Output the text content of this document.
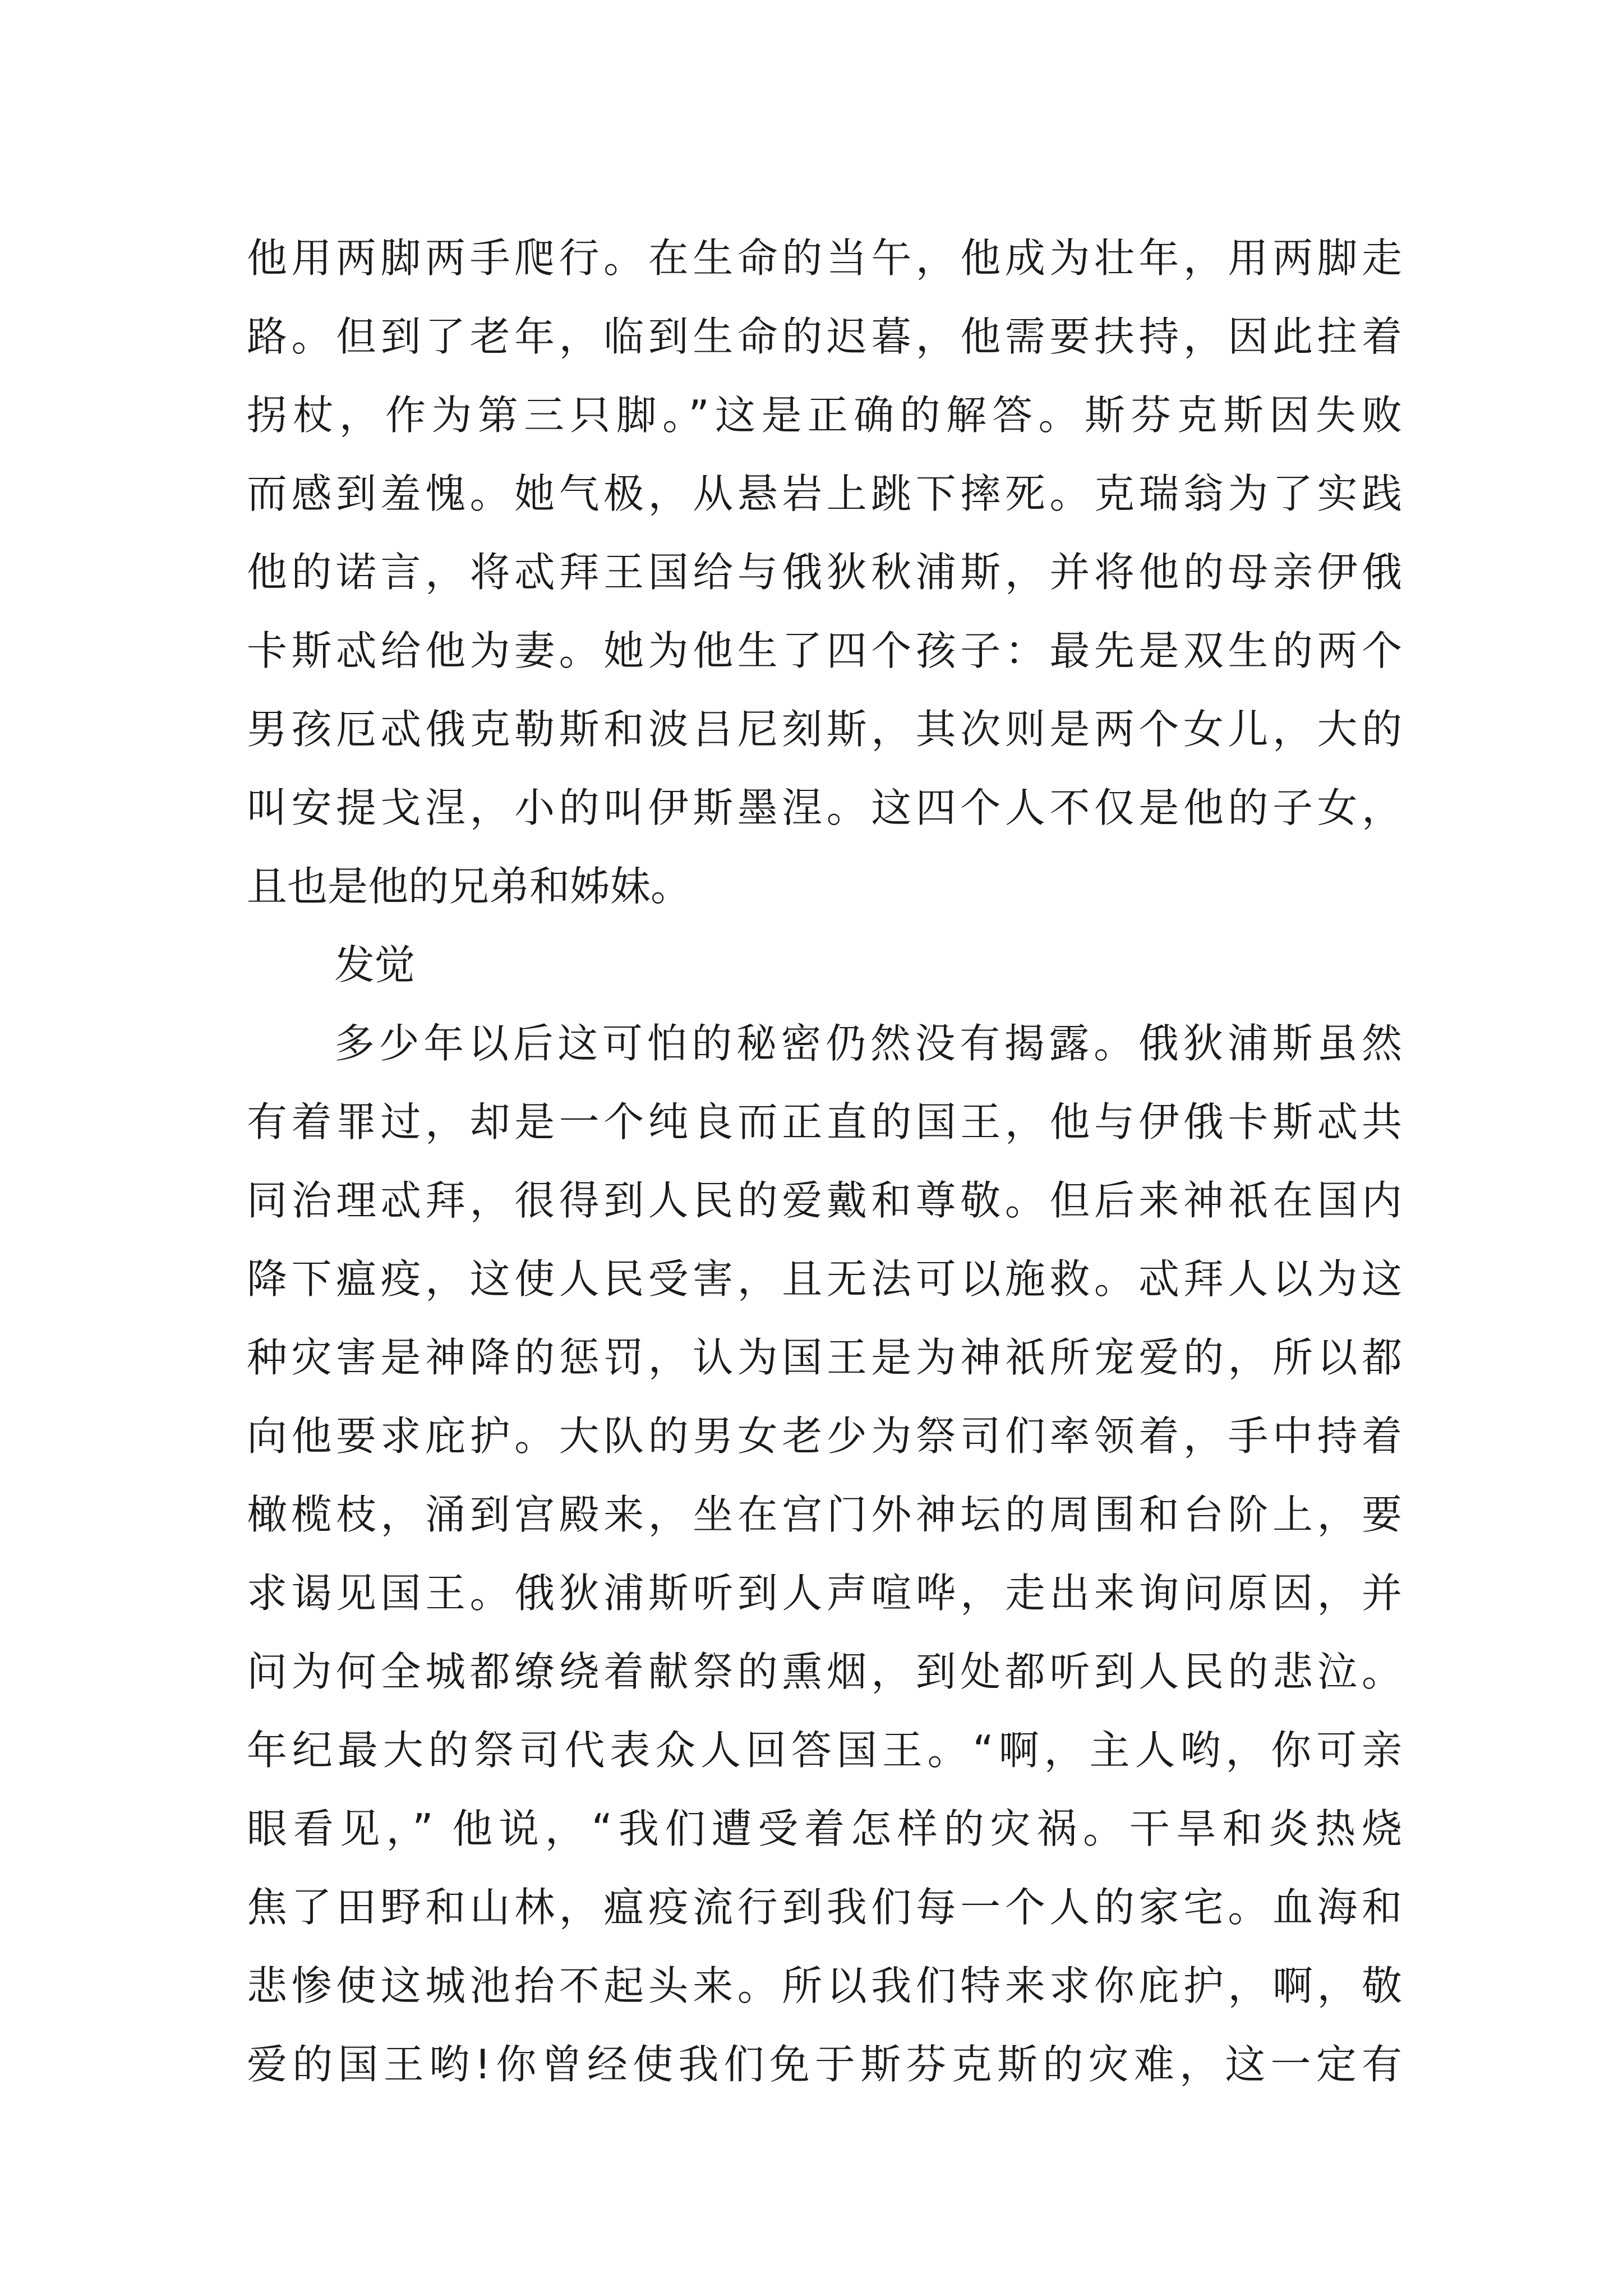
他用两脚两手爬行。在生命的当午，他成为壮年，用两脚走
路。但到了老年，临到生命的迟暮，他需要扶持，因此拄着
拐杖，作为第三只脚。”这是正确的解答。斯芬克斯因失败
而感到羞愧。她气极，从悬岩上跳下摔死。克瑞翁为了实践
他的诺言，将忒拜王国给与俄狄秋浦斯，并将他的母亲伊俄
卡斯忒给他为妻。她为他生了四个孩子：最先是双生的两个
男孩厄忒俄克勒斯和波吕尼刻斯，其次则是两个女儿，大的
叫安提戈涅，小的叫伊斯墨涅。这四个人不仅是他的子女，
且也是他的兄弟和姊妹。
发觉
多少年以后这可怕的秘密仍然没有揭露。俄狄浦斯虽然
有着罪过，却是一个纯良而正直的国王，他与伊俄卡斯忒共
同治理忒拜，很得到人民的爱戴和尊敬。但后来神祇在国内
降下瘟疫，这使人民受害，且无法可以施救。忒拜人以为这
种灾害是神降的惩罚，认为国王是为神祇所宠爱的，所以都
向他要求庇护。大队的男女老少为祭司们率领着，手中持着
橄榄枝，涌到宫殿来，坐在宫门外神坛的周围和台阶上，要
求谒见国王。俄狄浦斯听到人声喧哗，走出来询问原因，并
问为何全城都缭绕着献祭的熏烟，到处都听到人民的悲泣。
年纪最大的祭司代表众人回答国王。“啊，主人哟，你可亲
眼看见，” 他说，“我们遭受着怎样的灾祸。干旱和炎热烧
焦了田野和山林，瘟疫流行到我们每一个人的家宅。血海和
悲惨使这城池抬不起头来。所以我们特来求你庇护，啊，敬
爱的国王哟!你曾经使我们免于斯芬克斯的灾难，这一定有
